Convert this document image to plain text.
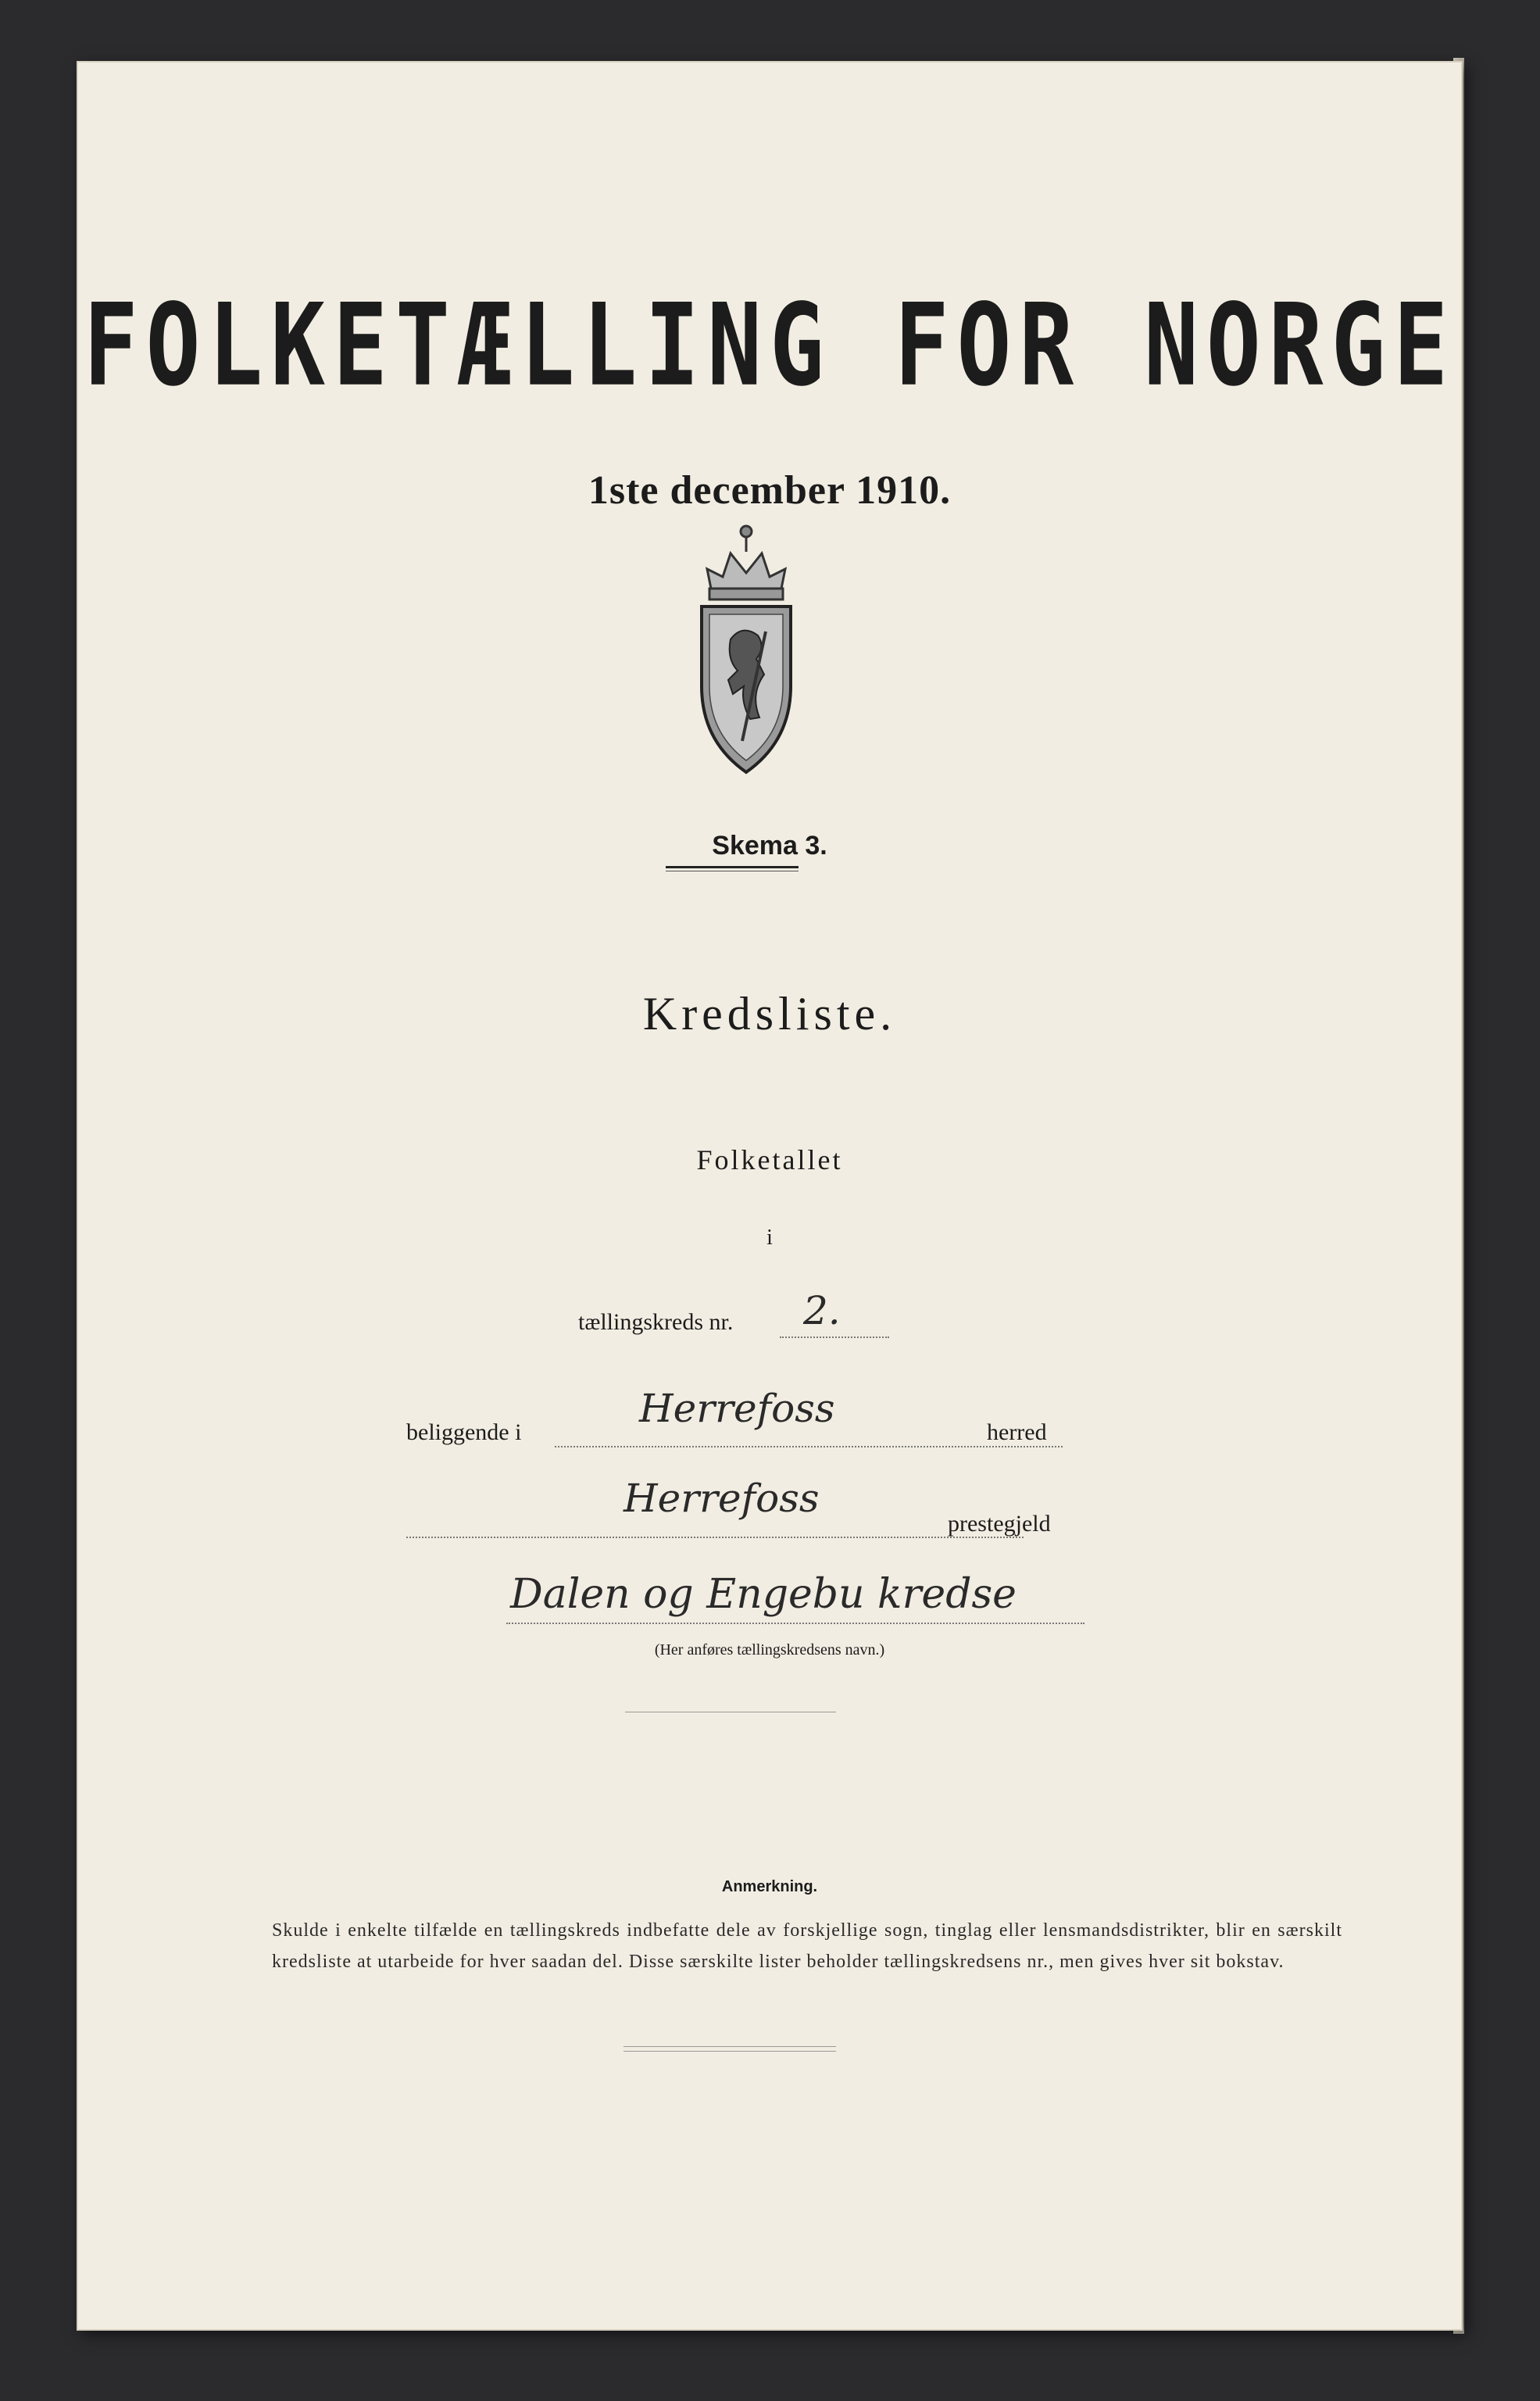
FOLKETÆLLING FOR NORGE
1ste december 1910.
Skema 3.
Kredsliste.
Folketallet
i
tællingskreds nr. 2.
beliggende i
Herrefoss
herred
Herrefoss
prestegjeld
Dalen og Engebu kredse
(Her anføres tællingskredsens navn.)
Anmerkning.
Skulde i enkelte tilfælde en tællingskreds indbefatte dele av forskjellige sogn, tinglag eller lensmandsdistrikter, blir en særskilt kredsliste at utarbeide for hver saadan del. Disse særskilte lister beholder tællingskredsens nr., men gives hver sit bokstav.
